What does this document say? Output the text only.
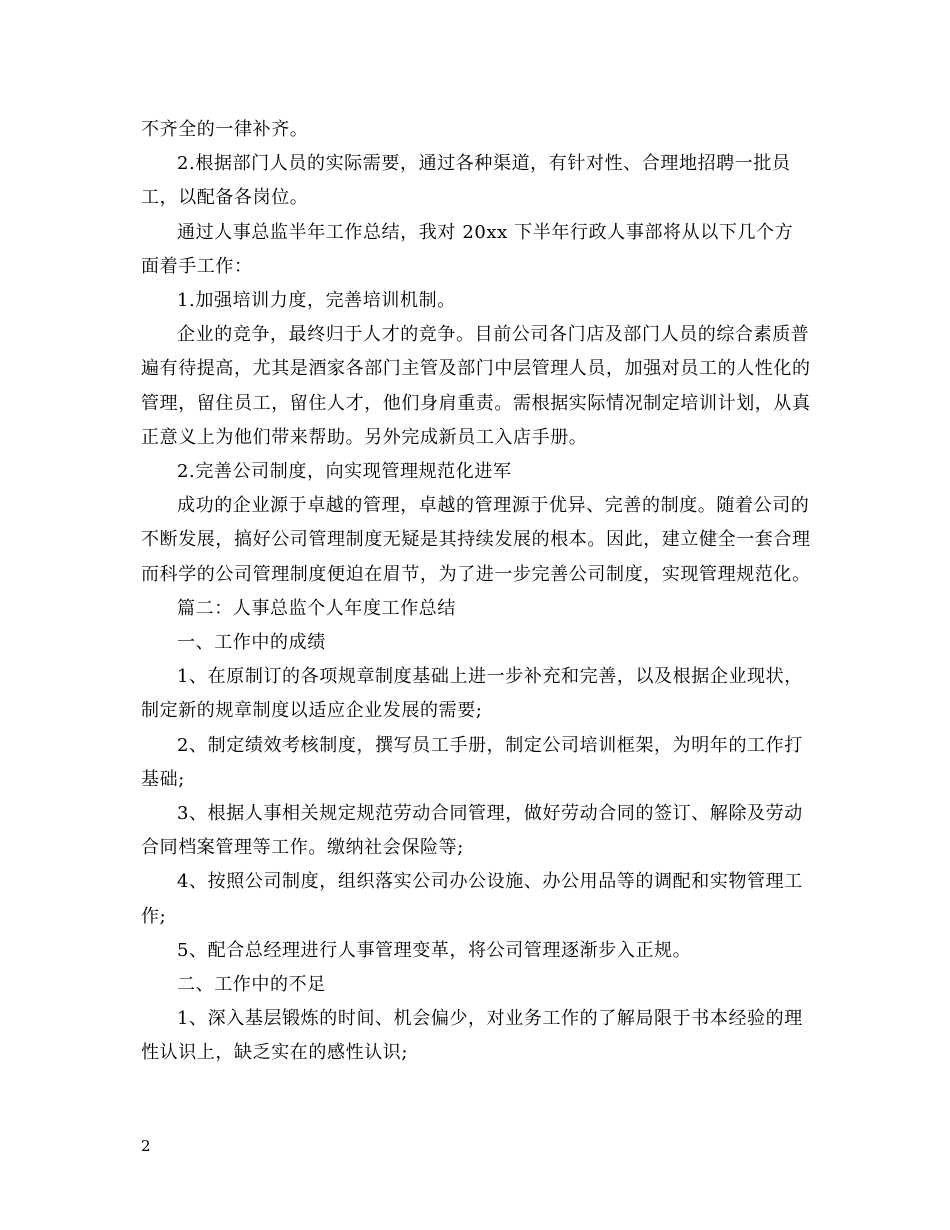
不齐全的一律补齐。

2.根据部门人员的实际需要，通过各种渠道，有针对性、合理地招聘一批员工，以配备各岗位。

通过人事总监半年工作总结，我对 20xx 下半年行政人事部将从以下几个方面着手工作：

1.加强培训力度，完善培训机制。

企业的竞争，最终归于人才的竞争。目前公司各门店及部门人员的综合素质普遍有待提高，尤其是酒家各部门主管及部门中层管理人员，加强对员工的人性化的管理，留住员工，留住人才，他们身肩重责。需根据实际情况制定培训计划，从真正意义上为他们带来帮助。另外完成新员工入店手册。

2.完善公司制度，向实现管理规范化进军

成功的企业源于卓越的管理，卓越的管理源于优异、完善的制度。随着公司的不断发展，搞好公司管理制度无疑是其持续发展的根本。因此，建立健全一套合理而科学的公司管理制度便迫在眉节，为了进一步完善公司制度，实现管理规范化。

篇二：人事总监个人年度工作总结

一、工作中的成绩

1、在原制订的各项规章制度基础上进一步补充和完善，以及根据企业现状，制定新的规章制度以适应企业发展的需要;

2、制定绩效考核制度，撰写员工手册，制定公司培训框架，为明年的工作打基础;

3、根据人事相关规定规范劳动合同管理，做好劳动合同的签订、解除及劳动合同档案管理等工作。缴纳社会保险等;

4、按照公司制度，组织落实公司办公设施、办公用品等的调配和实物管理工作;

5、配合总经理进行人事管理变革，将公司管理逐渐步入正规。

二、工作中的不足

1、深入基层锻炼的时间、机会偏少，对业务工作的了解局限于书本经验的理性认识上，缺乏实在的感性认识;

2
